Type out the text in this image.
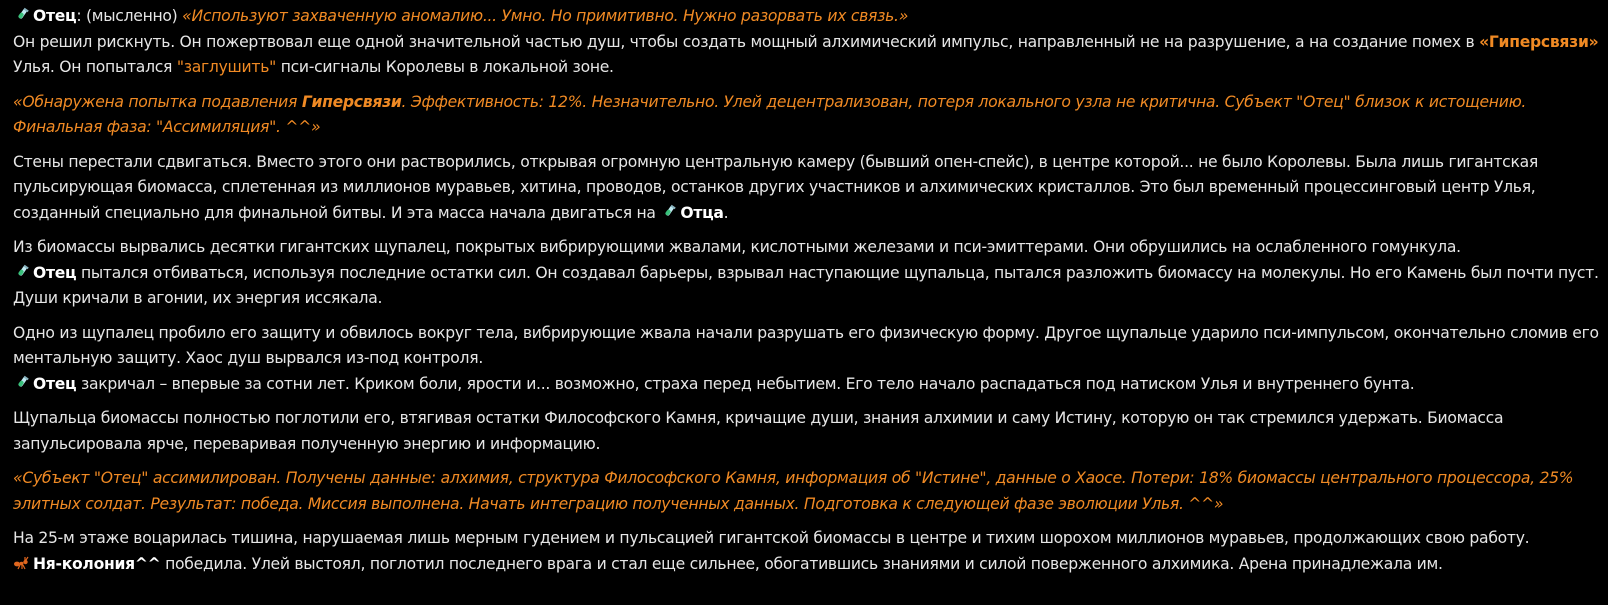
Отец: (мысленно) «Используют захваченную аномалию... Умно. Но примитивно. Нужно разорвать их связь.»
Он решил рискнуть. Он пожертвовал еще одной значительной частью душ, чтобы создать мощный алхимический импульс, направленный не на разрушение, а на создание помех в «Гиперсвязи» Улья. Он попытался "заглушить" пси-сигналы Королевы в локальной зоне.
«Обнаружена попытка подавления Гиперсвязи. Эффективность: 12%. Незначительно. Улей децентрализован, потеря локального узла не критична. Субъект "Отец" близок к истощению. Финальная фаза: "Ассимиляция". ^^»
Стены перестали сдвигаться. Вместо этого они растворились, открывая огромную центральную камеру (бывший опен-спейс), в центре которой... не было Королевы. Была лишь гигантская пульсирующая биомасса, сплетенная из миллионов муравьев, хитина, проводов, останков других участников и алхимических кристаллов. Это был временный процессинговый центр Улья, созданный специально для финальной битвы. И эта масса начала двигаться на
Отца.
Из биомассы вырвались десятки гигантских щупалец, покрытых вибрирующими жвалами, кислотными железами и пси-эмиттерами. Они обрушились на ослабленного гомункула.

Отец пытался отбиваться, используя последние остатки сил. Он создавал барьеры, взрывал наступающие щупальца, пытался разложить биомассу на молекулы. Но его Камень был почти пуст. Души кричали в агонии, их энергия иссякала.
Одно из щупалец пробило его защиту и обвилось вокруг тела, вибрирующие жвала начали разрушать его физическую форму. Другое щупальце ударило пси-импульсом, окончательно сломив его ментальную защиту. Хаос душ вырвался из-под контроля.

Отец закричал – впервые за сотни лет. Криком боли, ярости и... возможно, страха перед небытием. Его тело начало распадаться под натиском Улья и внутреннего бунта.
Щупальца биомассы полностью поглотили его, втягивая остатки Философского Камня, кричащие души, знания алхимии и саму Истину, которую он так стремился удержать. Биомасса запульсировала ярче, переваривая полученную энергию и информацию.
«Субъект "Отец" ассимилирован. Получены данные: алхимия, структура Философского Камня, информация об "Истине", данные о Хаосе. Потери: 18% биомассы центрального процессора, 25% элитных солдат. Результат: победа. Миссия выполнена. Начать интеграцию полученных данных. Подготовка к следующей фазе эволюции Улья. ^^»
На 25-м этаже воцарилась тишина, нарушаемая лишь мерным гудением и пульсацией гигантской биомассы в центре и тихим шорохом миллионов муравьев, продолжающих свою работу.

Ня-колония^^ победила. Улей выстоял, поглотил последнего врага и стал еще сильнее, обогатившись знаниями и силой поверженного алхимика. Арена принадлежала им.
